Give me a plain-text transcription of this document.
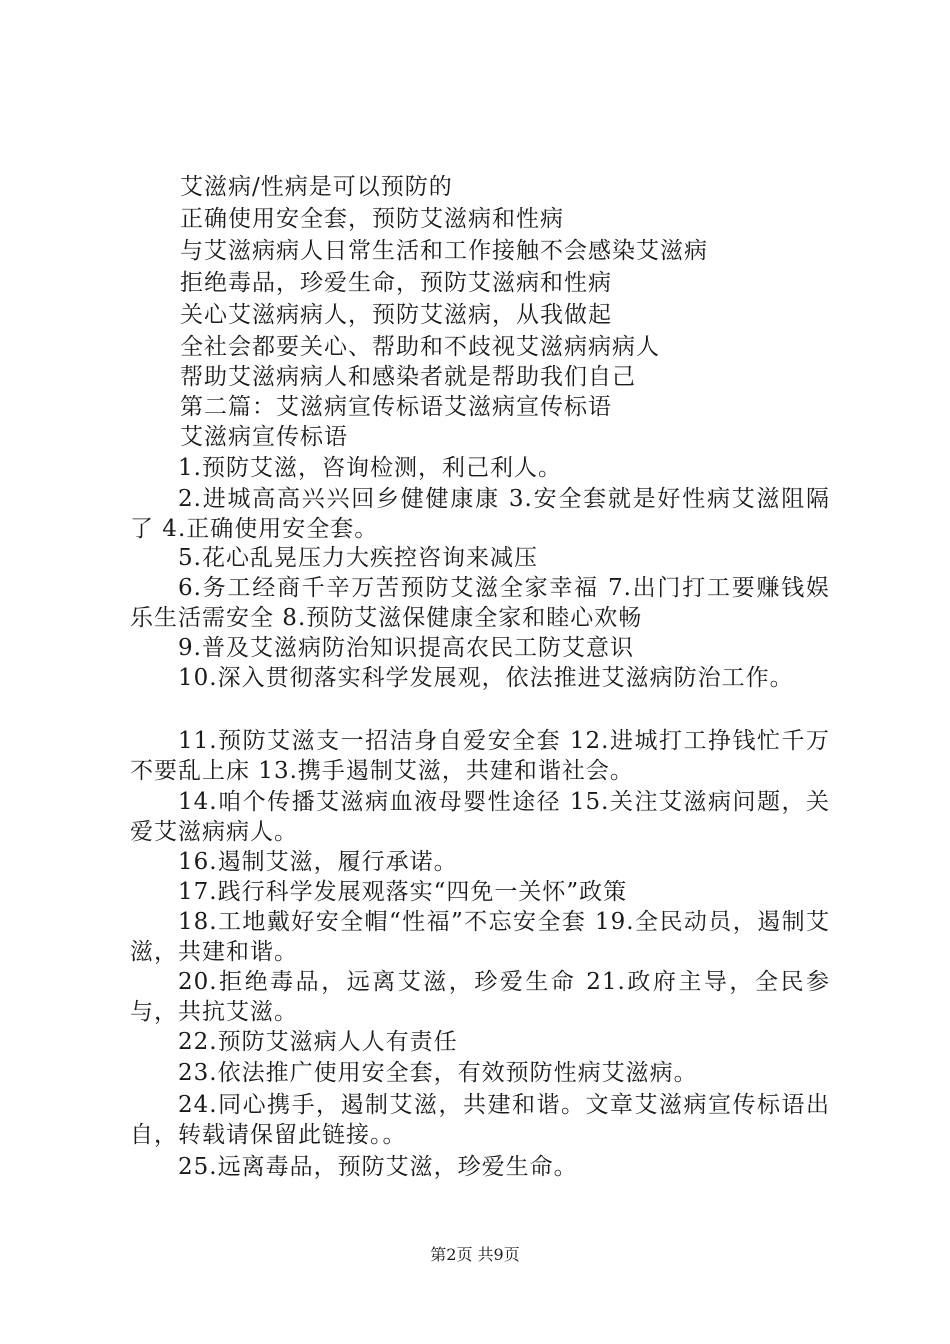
艾滋病/性病是可以预防的
正确使用安全套，预防艾滋病和性病
与艾滋病病人日常生活和工作接触不会感染艾滋病
拒绝毒品，珍爱生命，预防艾滋病和性病
关心艾滋病病人，预防艾滋病，从我做起
全社会都要关心、帮助和不歧视艾滋病病病人
帮助艾滋病病人和感染者就是帮助我们自己
第二篇：艾滋病宣传标语艾滋病宣传标语
艾滋病宣传标语
1.预防艾滋，咨询检测，利己利人。
2.进城高高兴兴回乡健健康康 3.安全套就是好性病艾滋阻隔了 4.正确使用安全套。
5.花心乱晃压力大疾控咨询来减压
6.务工经商千辛万苦预防艾滋全家幸福 7.出门打工要赚钱娱乐生活需安全 8.预防艾滋保健康全家和睦心欢畅
9.普及艾滋病防治知识提高农民工防艾意识
10.深入贯彻落实科学发展观，依法推进艾滋病防治工作。
11.预防艾滋支一招洁身自爱安全套 12.进城打工挣钱忙千万不要乱上床 13.携手遏制艾滋，共建和谐社会。
14.咱个传播艾滋病血液母婴性途径 15.关注艾滋病问题，关爱艾滋病病人。
16.遏制艾滋，履行承诺。
17.践行科学发展观落实“四免一关怀”政策
18.工地戴好安全帽“性福”不忘安全套 19.全民动员，遏制艾滋，共建和谐。
20.拒绝毒品，远离艾滋，珍爱生命 21.政府主导，全民参与，共抗艾滋。
22.预防艾滋病人人有责任
23.依法推广使用安全套，有效预防性病艾滋病。
24.同心携手，遏制艾滋，共建和谐。文章艾滋病宣传标语出自，转载请保留此链接。。
25.远离毒品，预防艾滋，珍爱生命。
第2页 共9页
